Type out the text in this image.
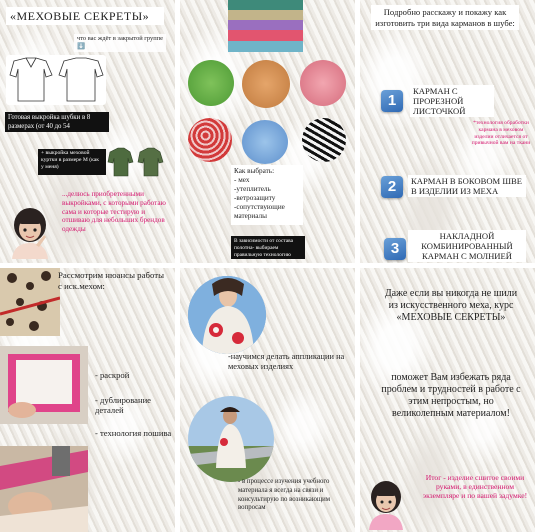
«МЕХОВЫЕ СЕКРЕТЫ»
что вас ждёт в закрытой группе ⬇️
Готовая выкройка шубки в 8 размерах (от 40 до 54
+ выкройка меховой куртки в размере М (как у меня)
...делюсь приобретенными выкройками, с которыми работаю сама и которые тестирую и отшиваю для небольших брендов одежды
Как выбрать:
- мех
-утеплитель
-ветрозащиту
-сопутствующие материалы
В зависимости от состава полотна- выбираем правильную технологию
Подробно расскажу и покажу как изготовить три вида карманов в шубе:
1
КАРМАН С ПРОРЕЗНОЙ ЛИСТОЧКОЙ
*технология обработки кармана в меховом изделии отличается от привычной вам на ткани
2	КАРМАН В БОКОВОМ ШВЕ В ИЗДЕЛИИ ИЗ МЕХА
3
НАКЛАДНОЙ КОМБИНИРОВАННЫЙ КАРМАН С МОЛНИЕЙ
Рассмотрим нюансы работы с иск.мехом:
- раскрой
- дублирование деталей
- технология пошива
-научимся делать аппликации на меховых изделиях
- в процессе изучения учебного материала я всегда на связи и консультирую по возникающим вопросам
Даже если вы никогда не шили из искусственного меха, курс «МЕХОВЫЕ СЕКРЕТЫ»
поможет Вам избежать ряда проблем и трудностей в работе с этим непростым, но великолепным материалом!
Итог - изделие сшитое своими руками, в единственном экземпляре и по вашей задумке!
